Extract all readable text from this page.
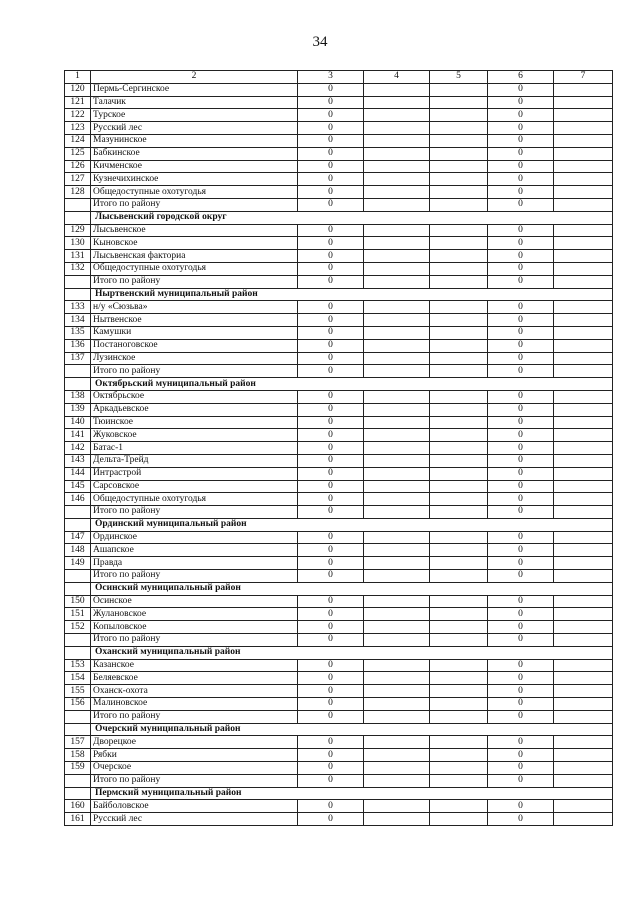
34
1	2	3	4	5	6	7
120	Пермь-Сергинское	0			0	
121	Талачик	0			0	
122	Турское	0			0	
123	Русский лес	0			0	
124	Мазунинское	0			0	
125	Бабкинское	0			0	
126	Кичменское	0			0	
127	Кузнечихинское	0			0	
128	Общедоступные охотугодья	0			0	
	Итого по району	0			0	
	Лысьвенский городской округ					
129	Лысьвенское	0			0	
130	Кыновское	0			0	
131	Лысьвенская факториа	0			0	
132	Общедоступные охотугодья	0			0	
	Итого по району	0			0	
	Ныртвенский муниципальный район					
133	н/у «Сюзьва»	0			0	
134	Нытвенское	0			0	
135	Камушки	0			0	
136	Постаноговское	0			0	
137	Лузинское	0			0	
	Итого по району	0			0	
	Октябрьский муниципальный район					
138	Октябрьское	0			0	
139	Аркадьевское	0			0	
140	Тюинское	0			0	
141	Жуковское	0			0	
142	Батас-1	0			0	
143	Дельта-Трейд	0			0	
144	Интрастрой	0			0	
145	Сарсовское	0			0	
146	Общедоступные охотугодья	0			0	
	Итого по району	0			0	
	Ординский муниципальный район					
147	Ординское	0			0	
148	Ашапское	0			0	
149	Правда	0			0	
	Итого по району	0			0	
	Осинский муниципальный район					
150	Осинское	0			0	
151	Жулановское	0			0	
152	Копыловское	0			0	
	Итого по району	0			0	
	Оханский муниципальный район					
153	Казанское	0			0	
154	Беляевское	0			0	
155	Оханск-охота	0			0	
156	Малиновское	0			0	
	Итого по району	0			0	
	Очерский муниципальный район					
157	Дворецкое	0			0	
158	Рябки	0			0	
159	Очерское	0			0	
	Итого по району	0			0	
	Пермский муниципальный район					
160	Байболовское	0			0	
161	Русский лес	0			0	
